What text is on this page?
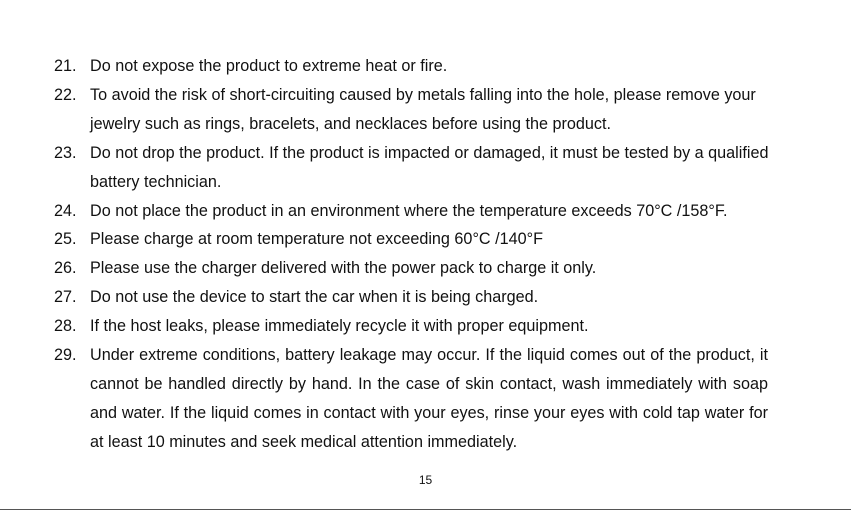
21. Do not expose the product to extreme heat or fire.
22. To avoid the risk of short-circuiting caused by metals falling into the hole, please remove your jewelry such as rings, bracelets, and necklaces before using the product.
23. Do not drop the product. If the product is impacted or damaged, it must be tested by a qualified battery technician.
24. Do not place the product in an environment where the temperature exceeds 70°C /158°F.
25. Please charge at room temperature not exceeding 60°C /140°F
26. Please use the charger delivered with the power pack to charge it only.
27. Do not use the device to start the car when it is being charged.
28. If the host leaks, please immediately recycle it with proper equipment.
29. Under extreme conditions, battery leakage may occur. If the liquid comes out of the product, it cannot be handled directly by hand. In the case of skin contact, wash immediately with soap and water. If the liquid comes in contact with your eyes, rinse your eyes with cold tap water for at least 10 minutes and seek medical attention immediately.
15
